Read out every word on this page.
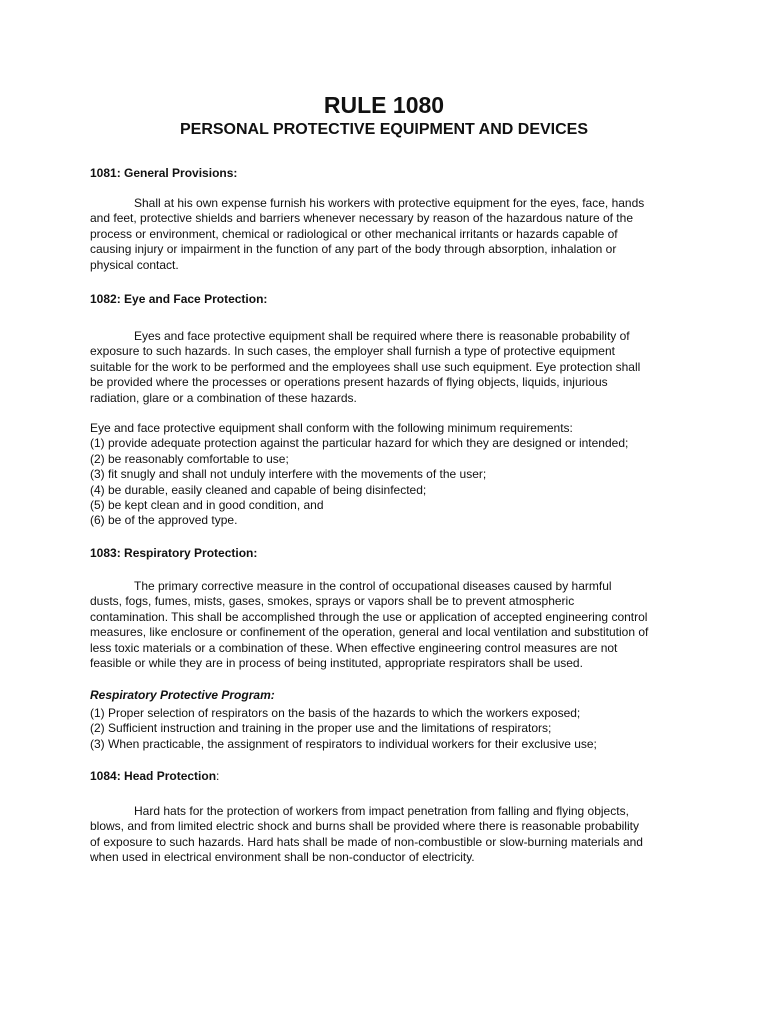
RULE 1080
PERSONAL PROTECTIVE EQUIPMENT AND DEVICES
1081: General Provisions:
Shall at his own expense furnish his workers with protective equipment for the eyes, face, hands
and feet, protective shields and barriers whenever necessary by reason of the hazardous nature of the
process or environment, chemical or radiological or other mechanical irritants or hazards capable of
causing injury or impairment in the function of any part of the body through absorption, inhalation or
physical contact.
1082: Eye and Face Protection:
Eyes and face protective equipment shall be required where there is reasonable probability of
exposure to such hazards. In such cases, the employer shall furnish a type of protective equipment
suitable for the work to be performed and the employees shall use such equipment. Eye protection shall
be provided where the processes or operations present hazards of flying objects, liquids, injurious
radiation, glare or a combination of these hazards.
Eye and face protective equipment shall conform with the following minimum requirements:
(1) provide adequate protection against the particular hazard for which they are designed or intended;
(2) be reasonably comfortable to use;
(3) fit snugly and shall not unduly interfere with the movements of the user;
(4) be durable, easily cleaned and capable of being disinfected;
(5) be kept clean and in good condition, and
(6) be of the approved type.
1083: Respiratory Protection:
The primary corrective measure in the control of occupational diseases caused by harmful
dusts, fogs, fumes, mists, gases, smokes, sprays or vapors shall be to prevent atmospheric
contamination. This shall be accomplished through the use or application of accepted engineering control
measures, like enclosure or confinement of the operation, general and local ventilation and substitution of
less toxic materials or a combination of these. When effective engineering control measures are not
feasible or while they are in process of being instituted, appropriate respirators shall be used.
Respiratory Protective Program:
(1) Proper selection of respirators on the basis of the hazards to which the workers exposed;
(2) Sufficient instruction and training in the proper use and the limitations of respirators;
(3) When practicable, the assignment of respirators to individual workers for their exclusive use;
1084: Head Protection:
Hard hats for the protection of workers from impact penetration from falling and flying objects,
blows, and from limited electric shock and burns shall be provided where there is reasonable probability
of exposure to such hazards. Hard hats shall be made of non-combustible or slow-burning materials and
when used in electrical environment shall be non-conductor of electricity.
